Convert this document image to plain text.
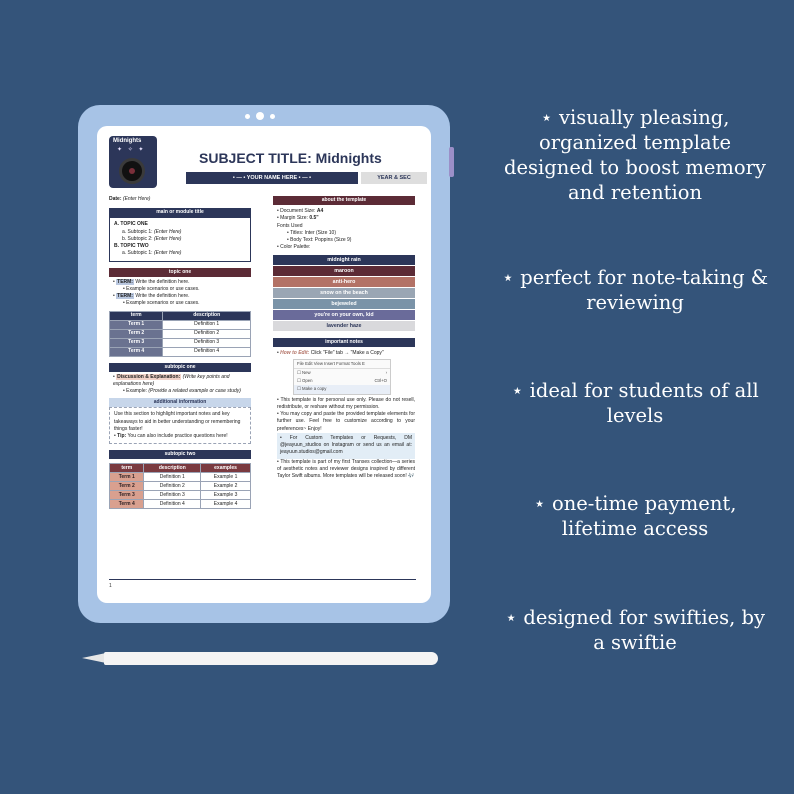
Midnights
✦ ✧ ✦	SUBJECT TITLE: Midnights
• — • YOUR NAME HERE • — •	YEAR & SEC
Date: (Enter Here)
main or module title
A. TOPIC ONE
a. Subtopic 1: (Enter Here)
b. Subtopic 2: (Enter Here)
B. TOPIC TWO
a. Subtopic 1: (Enter Here)
topic one
• TERM: Write the definition here.
• Example scenarios or use cases.
• TERM: Write the definition here.
• Example scenarios or use cases.
term	description
Term 1	Definition 1
Term 2	Definition 2
Term 3	Definition 3
Term 4	Definition 4
subtopic one
• Discussion & Explanation: (Write key points and explanations here)
• Example: (Provide a related example or case study)
additional information
Use this section to highlight important notes and key takeaways to aid in better understanding or remembering things faster!
• Tip: You can also include practice questions here!
subtopic two
term	description	examples
Term 1	Definition 1	Example 1
Term 2	Definition 2	Example 2
Term 3	Definition 3	Example 3
Term 4	Definition 4	Example 4
about the template
• Document Size: A4
• Margin Size: 0.5"
Fonts Used
• Titles: Inter (Size 10)
• Body Text: Poppins (Size 9)
• Color Palette:
midnight rain
maroon
anti-hero
snow on the beach
bejeweled
you're on your own, kid
lavender haze
important notes
• How to Edit: Click "File" tab → "Make a Copy"
File Edit View Insert Format Tools E
☐ New	›
☐ Open	Ctrl+O
☐ Make a copy
• This template is for personal use only. Please do not resell, redistribute, or reshare without my permission.
• You may copy and paste the provided template elements for further use. Feel free to customize according to your preferences~ Enjoy!
• For Custom Templates or Requests, DM @jeayuun_studios on Instagram or send us an email at: jeayuun.studios@gmail.com
• This template is part of my first Transes collection—a series of aesthetic notes and reviewer designs inspired by different Taylor Swift albums. More templates will be released soon! 🎶
1
⋆ visually pleasing, organized template designed to boost memory and retention
⋆ perfect for note-taking & reviewing
⋆ ideal for students of all levels
⋆ one-time payment, lifetime access
⋆ designed for swifties, by a swiftie
